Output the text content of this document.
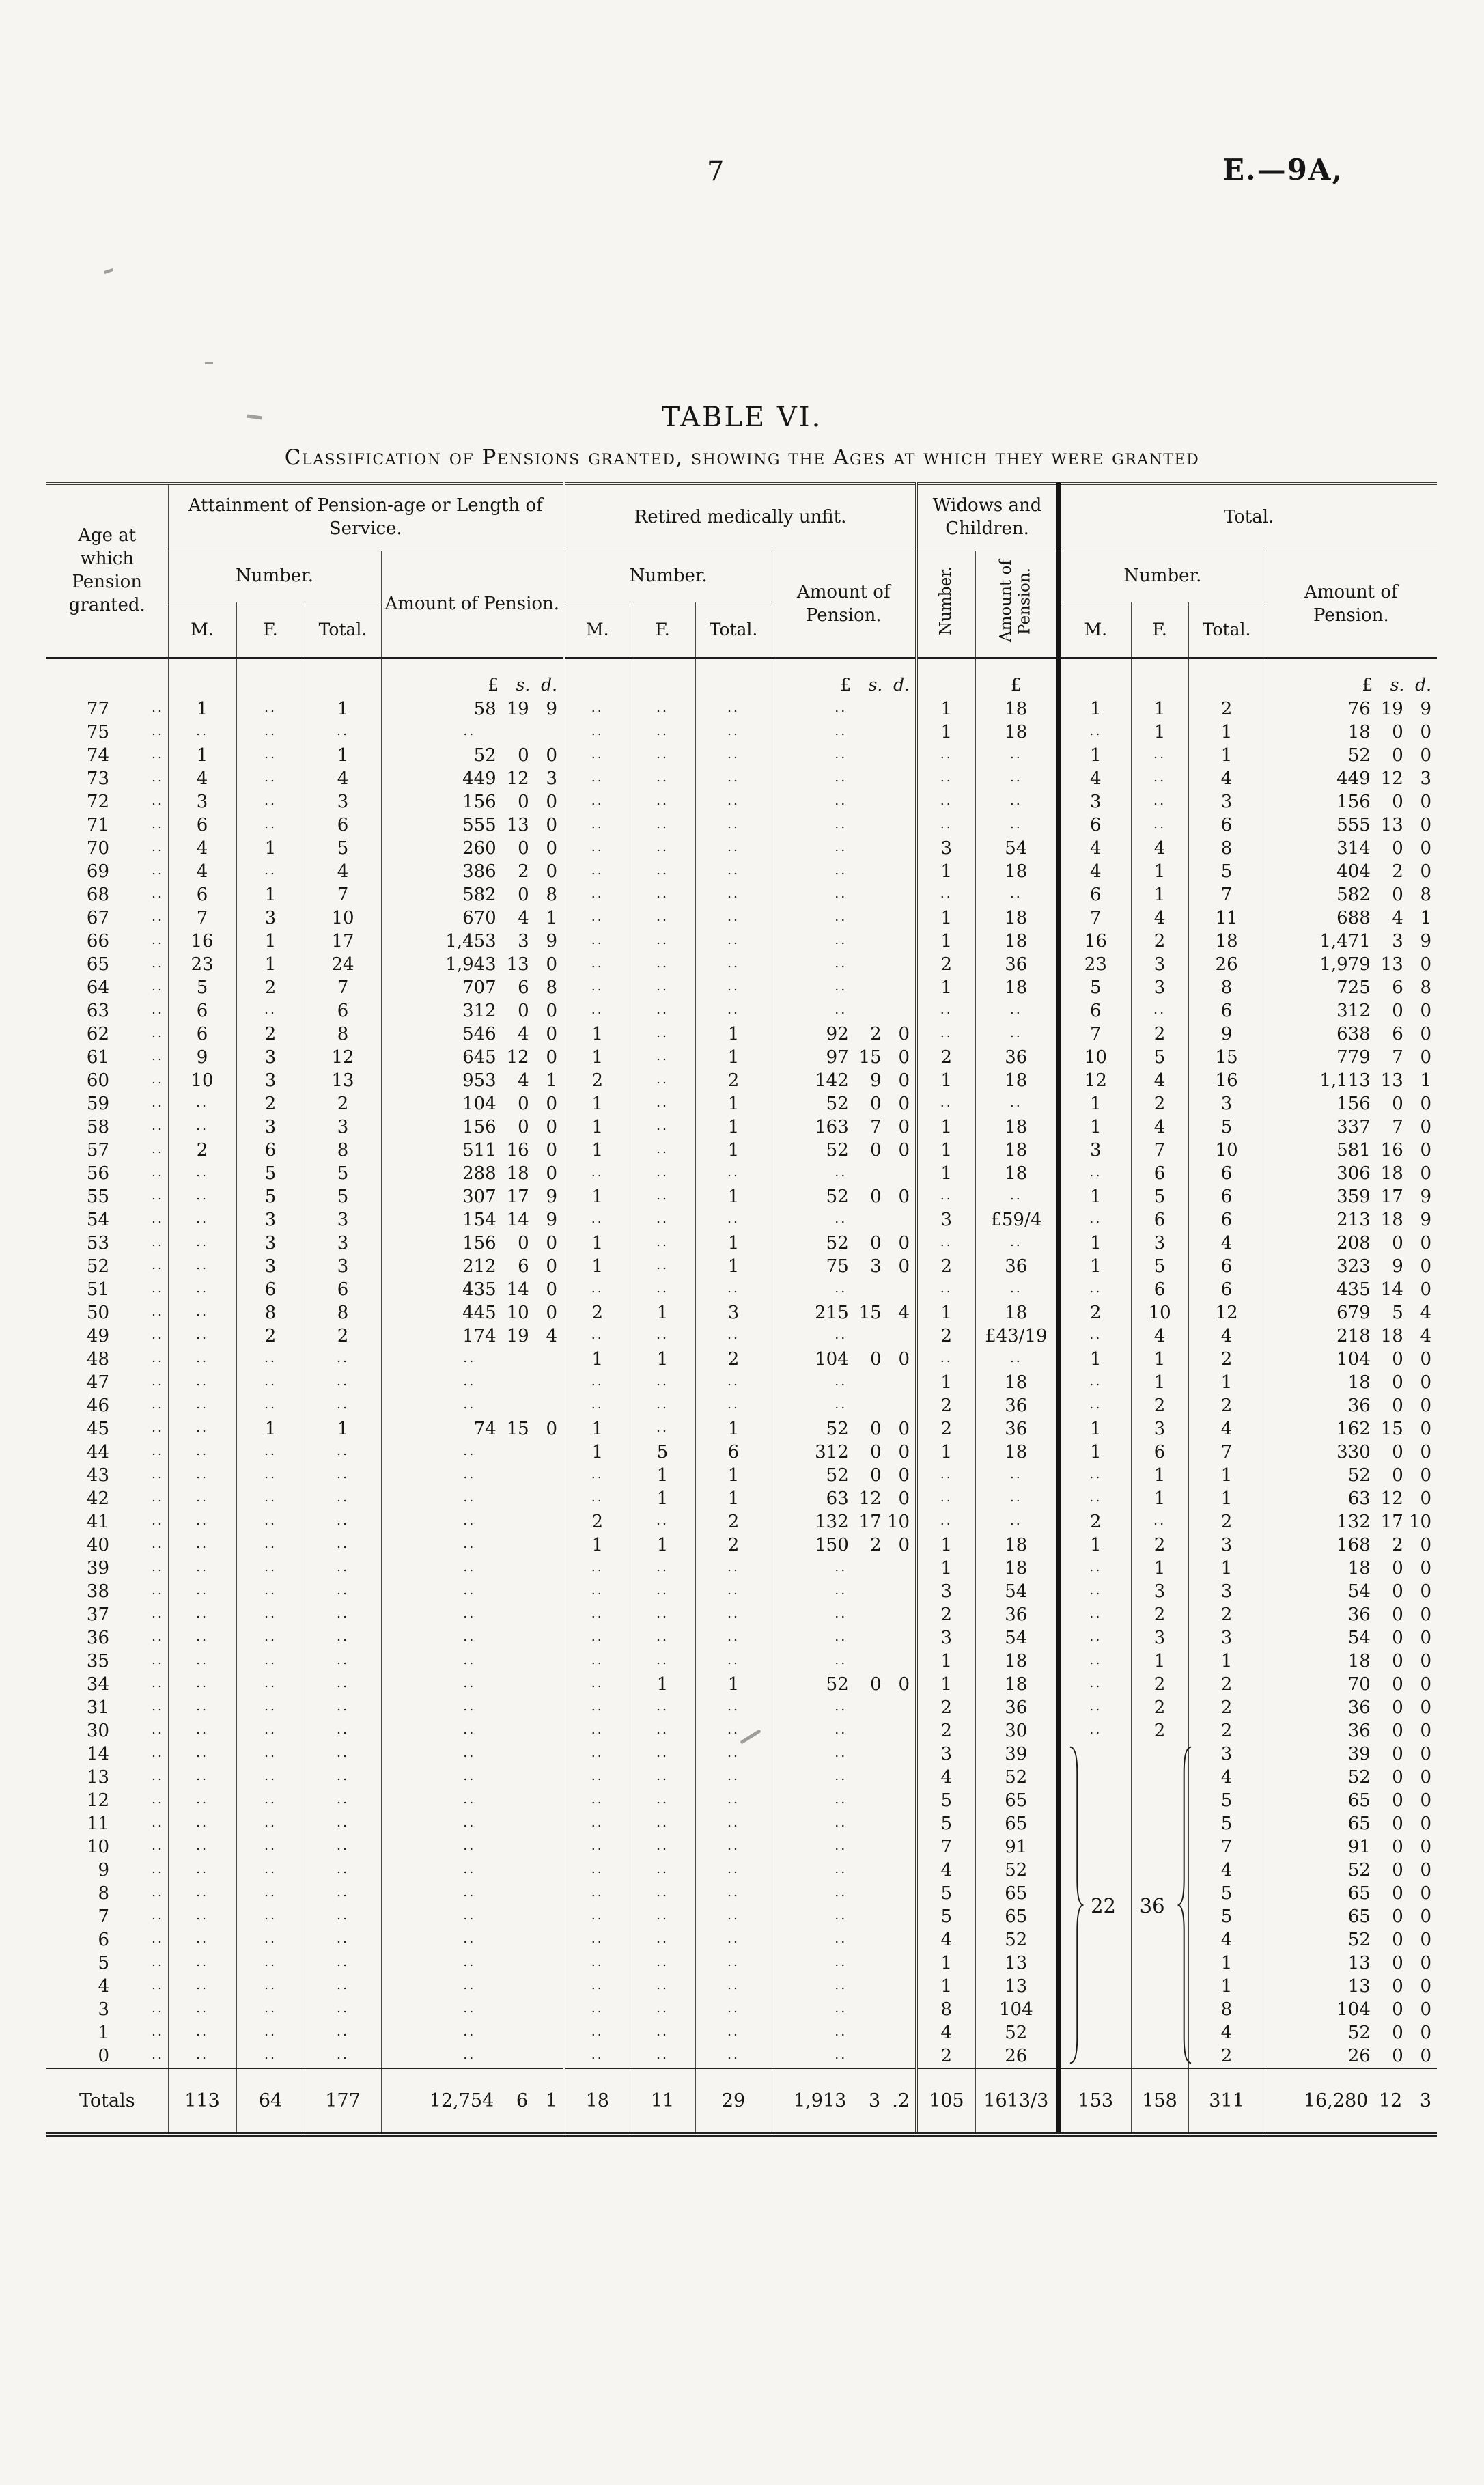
7	E.—9A,
TABLE VI.
Classification of Pensions granted, showing the Ages at which they were granted
Age at which Pension granted.	Attainment of Pension-age or Length of Service.				Retired medically unfit.				Widows and Children.		Total.			
	Number.			Amount of Pension.	Number.			Amount of Pension.	Number.	Amount of Pension.	Number.			Amount of Pension.
	M.	F.	Total.		M.	F.	Total.				M.	F.	Total.	

				£ s. d.				£ s. d.		£				£ s. d.

77 ..	1	..	1	58 19 9	..	..	..	..	1	18	1	1	2	76 19 9

75 ..	..	..	..	..	..	..	..	..	1	18	..	1	1	18 0 0

74 ..	1	..	1	52 0 0	..	..	..	..	..	..	1	..	1	52 0 0

73 ..	4	..	4	449 12 3	..	..	..	..	..	..	4	..	4	449 12 3

72 ..	3	..	3	156 0 0	..	..	..	..	..	..	3	..	3	156 0 0

71 ..	6	..	6	555 13 0	..	..	..	..	..	..	6	..	6	555 13 0

70 ..	4	1	5	260 0 0	..	..	..	..	3	54	4	4	8	314 0 0

69 ..	4	..	4	386 2 0	..	..	..	..	1	18	4	1	5	404 2 0

68 ..	6	1	7	582 0 8	..	..	..	..	..	..	6	1	7	582 0 8

67 ..	7	3	10	670 4 1	..	..	..	..	1	18	7	4	11	688 4 1

66 ..	16	1	17	1,453 3 9	..	..	..	..	1	18	16	2	18	1,471 3 9

65 ..	23	1	24	1,943 13 0	..	..	..	..	2	36	23	3	26	1,979 13 0

64 ..	5	2	7	707 6 8	..	..	..	..	1	18	5	3	8	725 6 8

63 ..	6	..	6	312 0 0	..	..	..	..	..	..	6	..	6	312 0 0

62 ..	6	2	8	546 4 0	1	..	1	92 2 0	..	..	7	2	9	638 6 0

61 ..	9	3	12	645 12 0	1	..	1	97 15 0	2	36	10	5	15	779 7 0

60 ..	10	3	13	953 4 1	2	..	2	142 9 0	1	18	12	4	16	1,113 13 1

59 ..	..	2	2	104 0 0	1	..	1	52 0 0	..	..	1	2	3	156 0 0

58 ..	..	3	3	156 0 0	1	..	1	163 7 0	1	18	1	4	5	337 7 0

57 ..	2	6	8	511 16 0	1	..	1	52 0 0	1	18	3	7	10	581 16 0

56 ..	..	5	5	288 18 0	..	..	..	..	1	18	..	6	6	306 18 0

55 ..	..	5	5	307 17 9	1	..	1	52 0 0	..	..	1	5	6	359 17 9

54 ..	..	3	3	154 14 9	..	..	..	..	3	£59/4	..	6	6	213 18 9

53 ..	..	3	3	156 0 0	1	..	1	52 0 0	..	..	1	3	4	208 0 0

52 ..	..	3	3	212 6 0	1	..	1	75 3 0	2	36	1	5	6	323 9 0

51 ..	..	6	6	435 14 0	..	..	..	..	..	..	..	6	6	435 14 0

50 ..	..	8	8	445 10 0	2	1	3	215 15 4	1	18	2	10	12	679 5 4

49 ..	..	2	2	174 19 4	..	..	..	..	2	£43/19	..	4	4	218 18 4

48 ..	..	..	..	..	1	1	2	104 0 0	..	..	1	1	2	104 0 0

47 ..	..	..	..	..	..	..	..	..	1	18	..	1	1	18 0 0

46 ..	..	..	..	..	..	..	..	..	2	36	..	2	2	36 0 0

45 ..	..	1	1	74 15 0	1	..	1	52 0 0	2	36	1	3	4	162 15 0

44 ..	..	..	..	..	1	5	6	312 0 0	1	18	1	6	7	330 0 0

43 ..	..	..	..	..	..	1	1	52 0 0	..	..	..	1	1	52 0 0

42 ..	..	..	..	..	..	1	1	63 12 0	..	..	..	1	1	63 12 0

41 ..	..	..	..	..	2	..	2	132 17 10	..	..	2	..	2	132 17 10

40 ..	..	..	..	..	1	1	2	150 2 0	1	18	1	2	3	168 2 0

39 ..	..	..	..	..	..	..	..	..	1	18	..	1	1	18 0 0

38 ..	..	..	..	..	..	..	..	..	3	54	..	3	3	54 0 0

37 ..	..	..	..	..	..	..	..	..	2	36	..	2	2	36 0 0

36 ..	..	..	..	..	..	..	..	..	3	54	..	3	3	54 0 0

35 ..	..	..	..	..	..	..	..	..	1	18	..	1	1	18 0 0

34 ..	..	..	..	..	..	1	1	52 0 0	1	18	..	2	2	70 0 0

31 ..	..	..	..	..	..	..	..	..	2	36	..	2	2	36 0 0

30 ..	..	..	..	..	..	..	..	..	2	30	..	2	2	36 0 0

14 ..	..	..	..	..	..	..	..	..	3	39	22	36	3	39 0 0

13 ..	..	..	..	..	..	..	..	..	4	52			4	52 0 0

12 ..	..	..	..	..	..	..	..	..	5	65			5	65 0 0

11 ..	..	..	..	..	..	..	..	..	5	65			5	65 0 0

10 ..	..	..	..	..	..	..	..	..	7	91			7	91 0 0

9 ..	..	..	..	..	..	..	..	..	4	52			4	52 0 0

8 ..	..	..	..	..	..	..	..	..	5	65			5	65 0 0

7 ..	..	..	..	..	..	..	..	..	5	65			5	65 0 0

6 ..	..	..	..	..	..	..	..	..	4	52			4	52 0 0

5 ..	..	..	..	..	..	..	..	..	1	13			1	13 0 0

4 ..	..	..	..	..	..	..	..	..	1	13			1	13 0 0

3 ..	..	..	..	..	..	..	..	..	8	104			8	104 0 0

1 ..	..	..	..	..	..	..	..	..	4	52			4	52 0 0

0 ..	..	..	..	..	..	..	..	..	2	26			2	26 0 0

Totals	113	64	177	12,754 6 1	18	11	29	1,913 3 .2	105	1613/3	153	158	311	16,280 12 3
